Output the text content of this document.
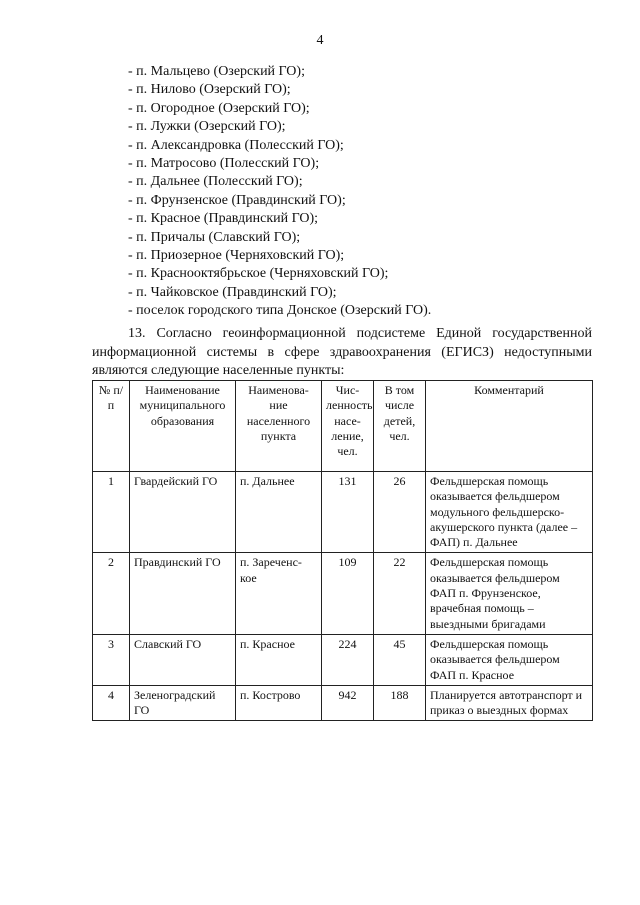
4
- п. Мальцево (Озерский ГО);
- п. Нилово (Озерский ГО);
- п. Огородное (Озерский ГО);
- п. Лужки (Озерский ГО);
- п. Александровка (Полесский ГО);
- п. Матросово (Полесский ГО);
- п. Дальнее (Полесский ГО);
- п. Фрунзенское (Правдинский ГО);
- п. Красное (Правдинский ГО);
- п. Причалы (Славский ГО);
- п. Приозерное (Черняховский ГО);
- п. Краснооктябрьское (Черняховский ГО);
- п. Чайковское (Правдинский ГО);
- поселок городского типа Донское (Озерский ГО).

13. Согласно геоинформационной подсистеме Единой государственной информационной системы в сфере здравоохранения (ЕГИСЗ) недоступными являются следующие населенные пункты:

№ п/п	Наименование муниципального образования	Наименова-ние населенного пункта	Чис-ленность насе-ление, чел.	В том числе детей, чел.	Комментарий
1	Гвардейский ГО	п. Дальнее	131	26	Фельдшерская помощь оказывается фельдшером модульного фельдшерско-акушерского пункта (далее – ФАП) п. Дальнее
2	Правдинский ГО	п. Зареченс-кое	109	22	Фельдшерская помощь оказывается фельдшером ФАП п. Фрунзенское, врачебная помощь – выездными бригадами
3	Славский ГО	п. Красное	224	45	Фельдшерская помощь оказывается фельдшером ФАП п. Красное
4	Зеленоградский ГО	п. Кострово	942	188	Планируется автотранспорт и приказ о выездных формах
